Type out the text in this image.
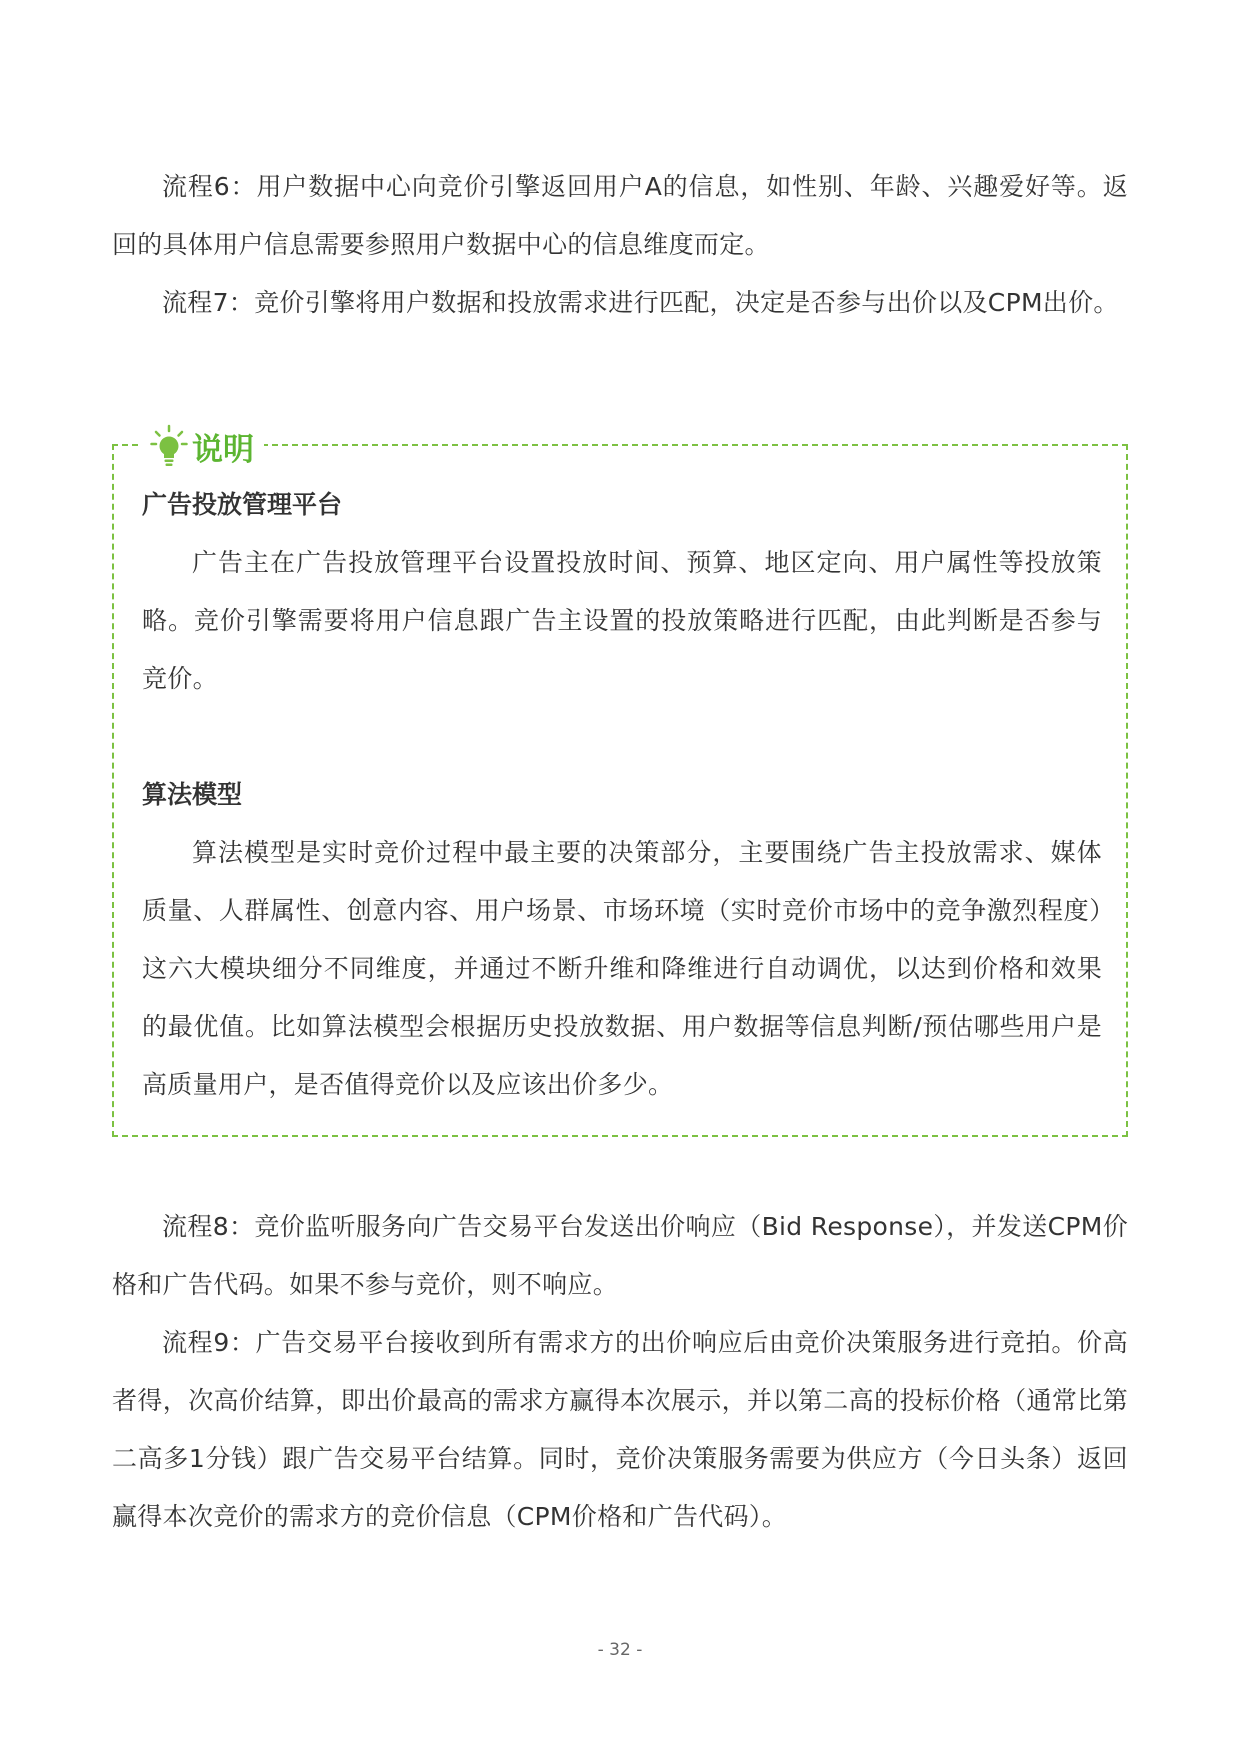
流程6：用户数据中心向竞价引擎返回用户A的信息，如性别、年龄、兴趣爱好等。返回的具体用户信息需要参照用户数据中心的信息维度而定。

流程7：竞价引擎将用户数据和投放需求进行匹配，决定是否参与出价以及CPM出价。

说明

广告投放管理平台

广告主在广告投放管理平台设置投放时间、预算、地区定向、用户属性等投放策略。竞价引擎需要将用户信息跟广告主设置的投放策略进行匹配，由此判断是否参与竞价。

算法模型

算法模型是实时竞价过程中最主要的决策部分，主要围绕广告主投放需求、媒体质量、人群属性、创意内容、用户场景、市场环境（实时竞价市场中的竞争激烈程度）这六大模块细分不同维度，并通过不断升维和降维进行自动调优，以达到价格和效果的最优值。比如算法模型会根据历史投放数据、用户数据等信息判断/预估哪些用户是高质量用户，是否值得竞价以及应该出价多少。

流程8：竞价监听服务向广告交易平台发送出价响应（Bid Response），并发送CPM价格和广告代码。如果不参与竞价，则不响应。

流程9：广告交易平台接收到所有需求方的出价响应后由竞价决策服务进行竞拍。价高者得，次高价结算，即出价最高的需求方赢得本次展示，并以第二高的投标价格（通常比第二高多1分钱）跟广告交易平台结算。同时，竞价决策服务需要为供应方（今日头条）返回赢得本次竞价的需求方的竞价信息（CPM价格和广告代码）。

- 32 -
